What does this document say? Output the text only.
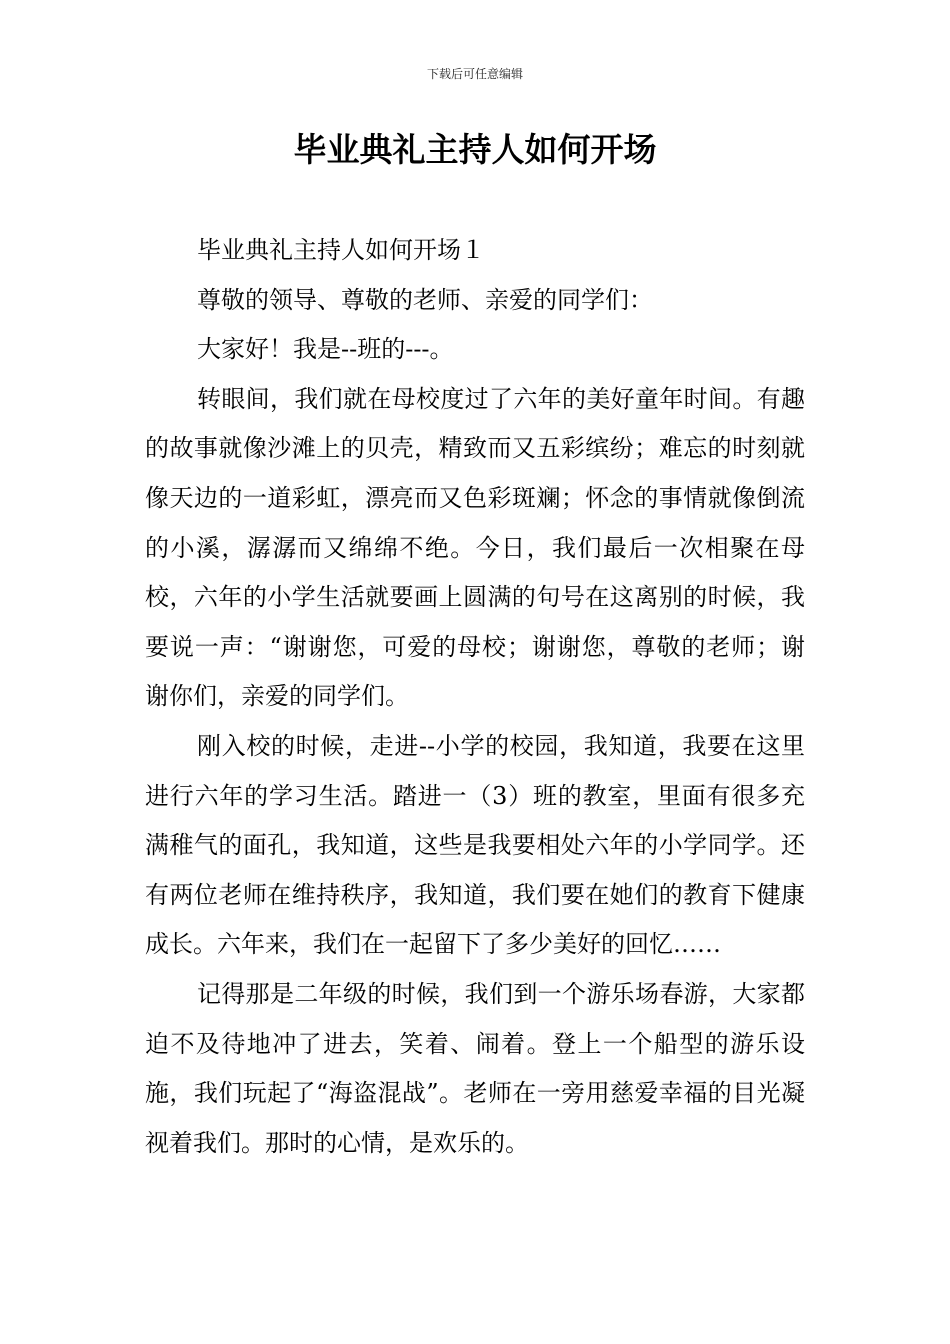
下载后可任意编辑
毕业典礼主持人如何开场

毕业典礼主持人如何开场１

尊敬的领导、尊敬的老师、亲爱的同学们：

大家好！我是--班的---。

转眼间，我们就在母校度过了六年的美好童年时间。有趣的故事就像沙滩上的贝壳，精致而又五彩缤纷；难忘的时刻就像天边的一道彩虹，漂亮而又色彩斑斓；怀念的事情就像倒流的小溪，潺潺而又绵绵不绝。今日，我们最后一次相聚在母校，六年的小学生活就要画上圆满的句号在这离别的时候，我要说一声：“谢谢您，可爱的母校；谢谢您，尊敬的老师；谢谢你们，亲爱的同学们。

刚入校的时候，走进--小学的校园，我知道，我要在这里进行六年的学习生活。踏进一（3）班的教室，里面有很多充满稚气的面孔，我知道，这些是我要相处六年的小学同学。还有两位老师在维持秩序，我知道，我们要在她们的教育下健康成长。六年来，我们在一起留下了多少美好的回忆……

记得那是二年级的时候，我们到一个游乐场春游，大家都迫不及待地冲了进去，笑着、闹着。登上一个船型的游乐设施，我们玩起了“海盗混战”。老师在一旁用慈爱幸福的目光凝视着我们。那时的心情，是欢乐的。
